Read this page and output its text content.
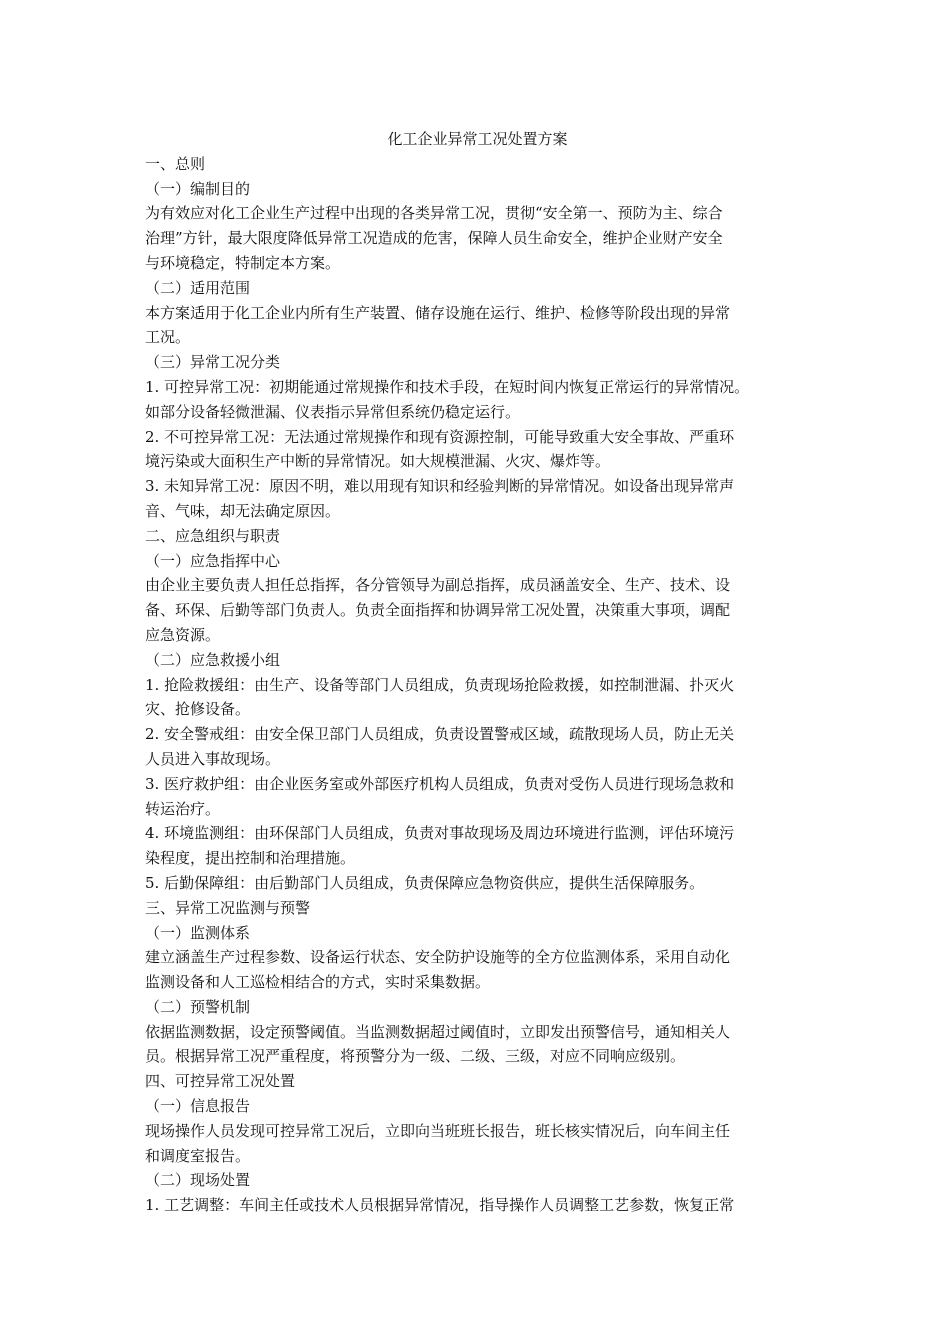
化工企业异常工况处置方案
一、总则
（一）编制目的
为有效应对化工企业生产过程中出现的各类异常工况，贯彻“安全第一、预防为主、综合
治理”方针，最大限度降低异常工况造成的危害，保障人员生命安全，维护企业财产安全
与环境稳定，特制定本方案。
（二）适用范围
本方案适用于化工企业内所有生产装置、储存设施在运行、维护、检修等阶段出现的异常
工况。
（三）异常工况分类
1. 可控异常工况：初期能通过常规操作和技术手段，在短时间内恢复正常运行的异常情况。
如部分设备轻微泄漏、仪表指示异常但系统仍稳定运行。
2. 不可控异常工况：无法通过常规操作和现有资源控制，可能导致重大安全事故、严重环
境污染或大面积生产中断的异常情况。如大规模泄漏、火灾、爆炸等。
3. 未知异常工况：原因不明，难以用现有知识和经验判断的异常情况。如设备出现异常声
音、气味，却无法确定原因。
二、应急组织与职责
（一）应急指挥中心
由企业主要负责人担任总指挥，各分管领导为副总指挥，成员涵盖安全、生产、技术、设
备、环保、后勤等部门负责人。负责全面指挥和协调异常工况处置，决策重大事项，调配
应急资源。
（二）应急救援小组
1. 抢险救援组：由生产、设备等部门人员组成，负责现场抢险救援，如控制泄漏、扑灭火
灾、抢修设备。
2. 安全警戒组：由安全保卫部门人员组成，负责设置警戒区域，疏散现场人员，防止无关
人员进入事故现场。
3. 医疗救护组：由企业医务室或外部医疗机构人员组成，负责对受伤人员进行现场急救和
转运治疗。
4. 环境监测组：由环保部门人员组成，负责对事故现场及周边环境进行监测，评估环境污
染程度，提出控制和治理措施。
5. 后勤保障组：由后勤部门人员组成，负责保障应急物资供应，提供生活保障服务。
三、异常工况监测与预警
（一）监测体系
建立涵盖生产过程参数、设备运行状态、安全防护设施等的全方位监测体系，采用自动化
监测设备和人工巡检相结合的方式，实时采集数据。
（二）预警机制
依据监测数据，设定预警阈值。当监测数据超过阈值时，立即发出预警信号，通知相关人
员。根据异常工况严重程度，将预警分为一级、二级、三级，对应不同响应级别。
四、可控异常工况处置
（一）信息报告
现场操作人员发现可控异常工况后，立即向当班班长报告，班长核实情况后，向车间主任
和调度室报告。
（二）现场处置
1. 工艺调整：车间主任或技术人员根据异常情况，指导操作人员调整工艺参数，恢复正常
